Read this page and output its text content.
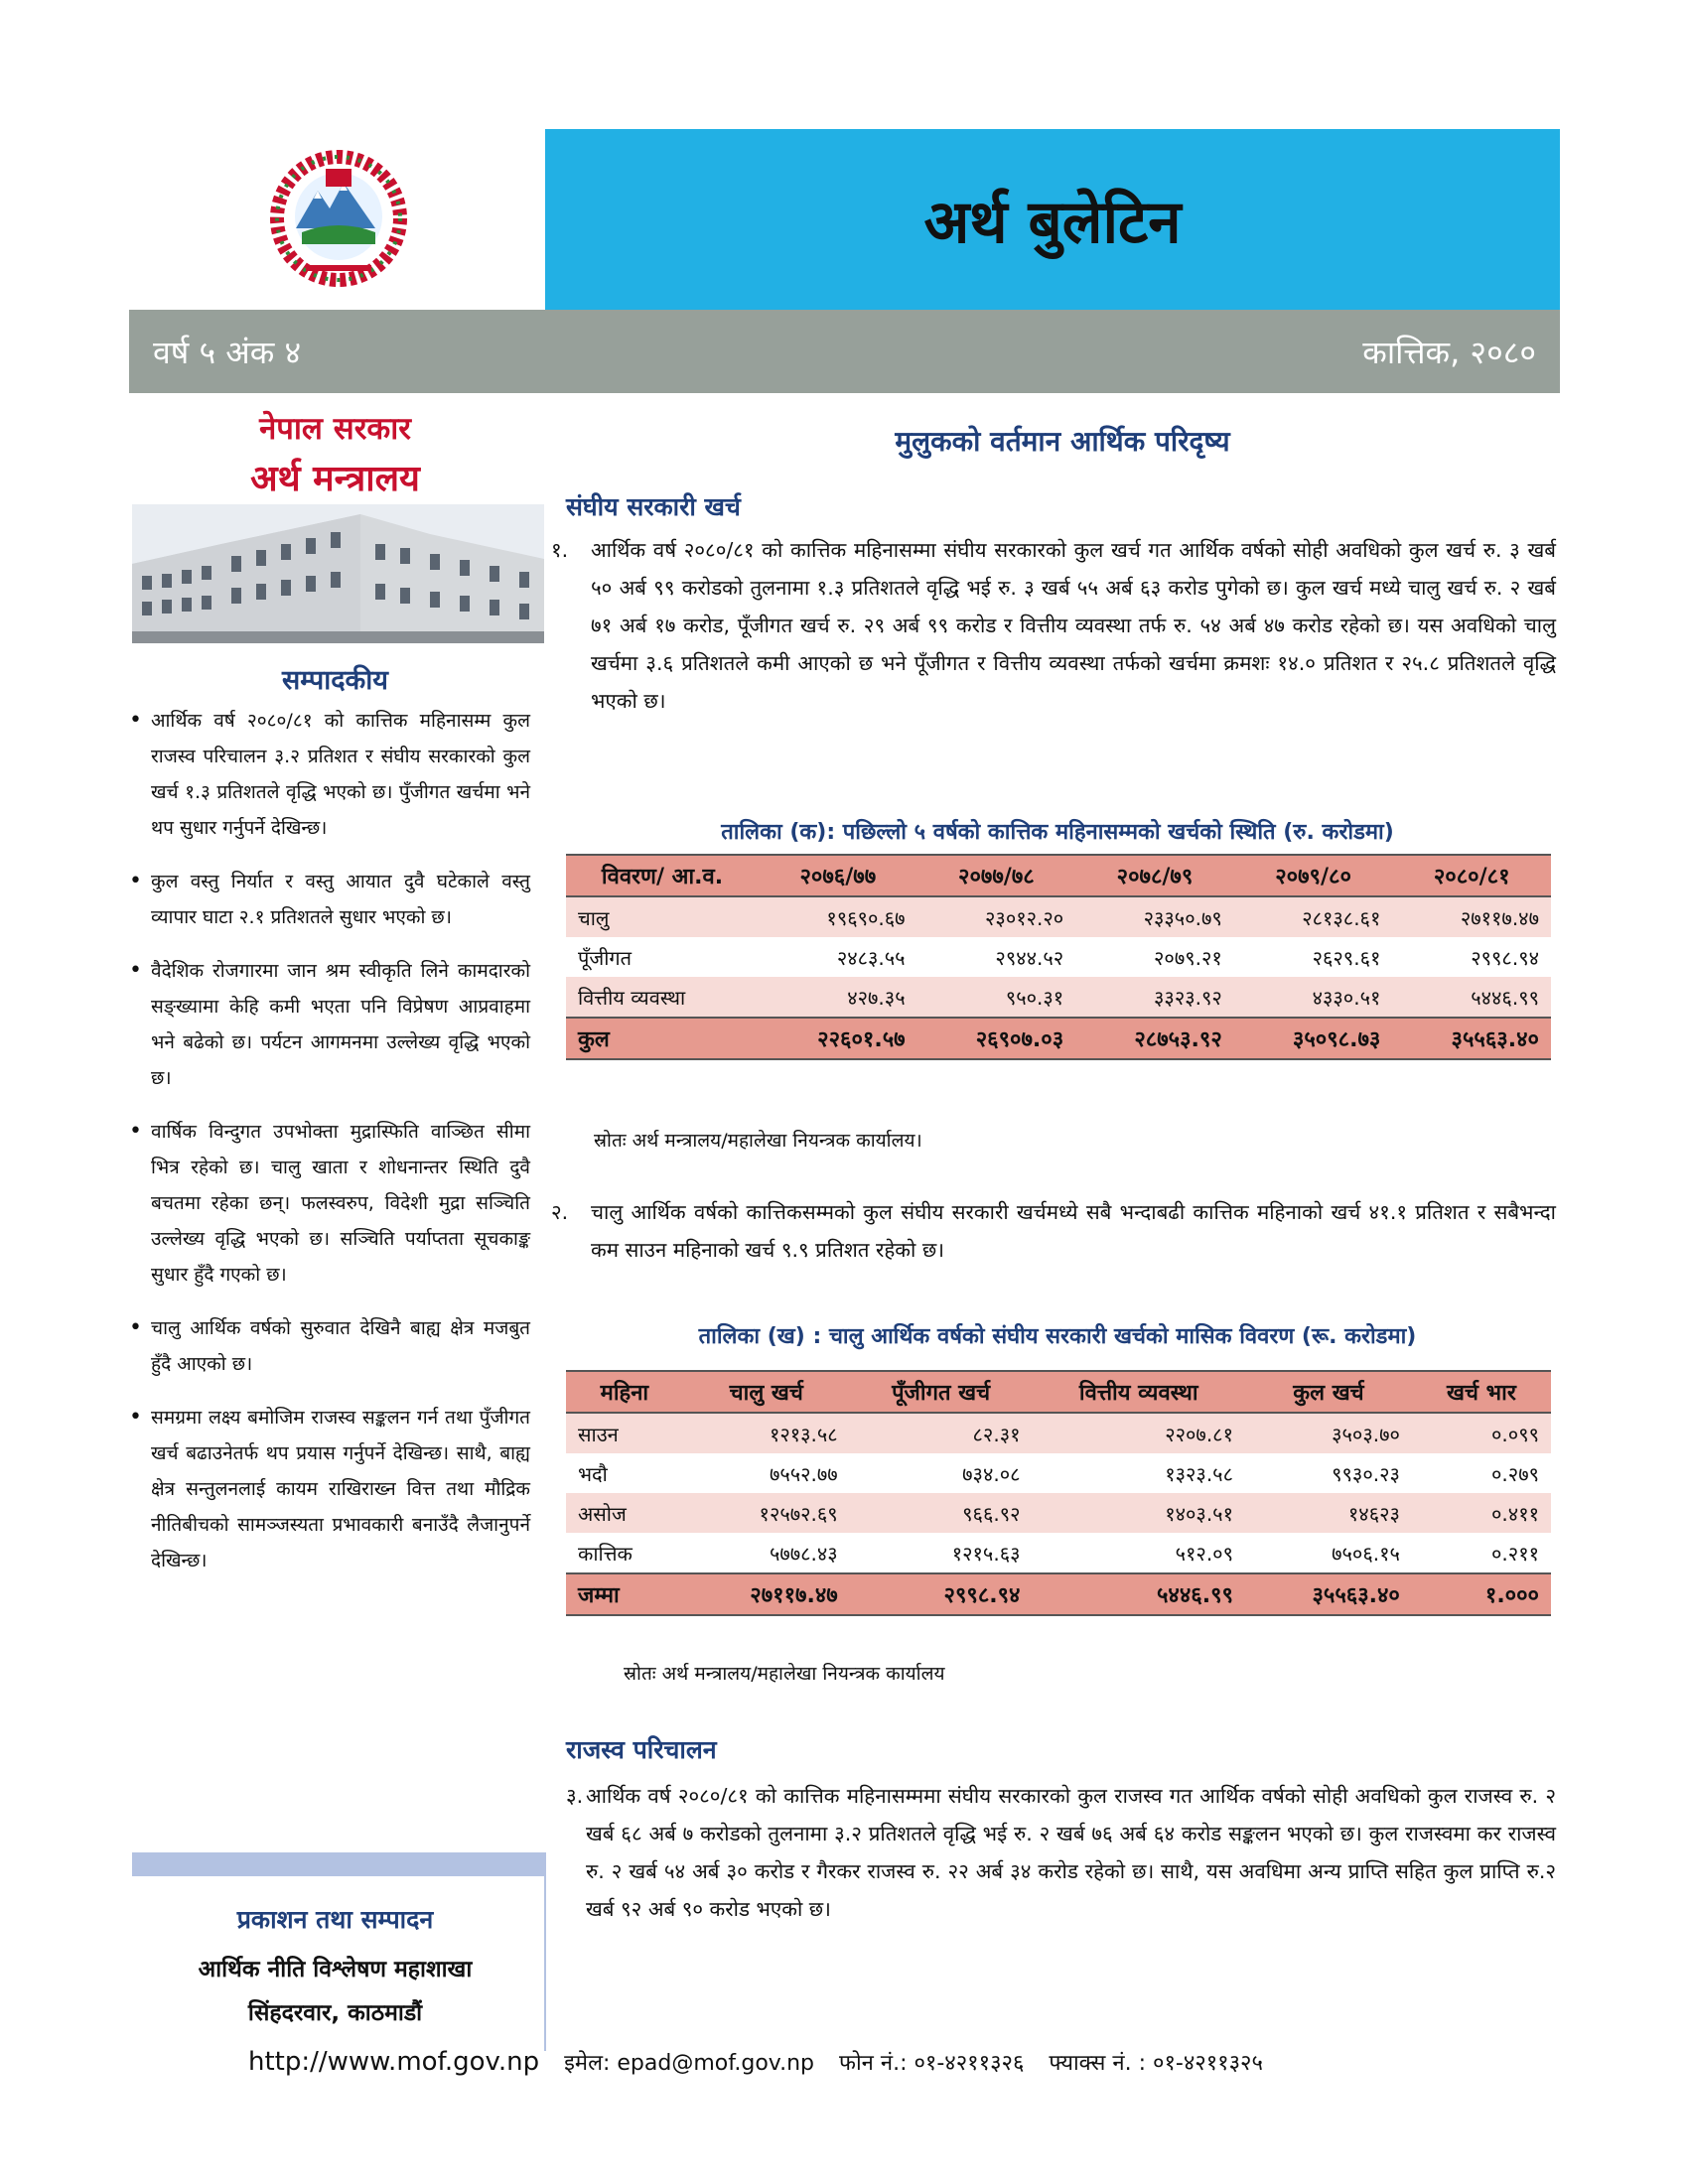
अर्थ बुलेटिन
वर्ष ५ अंक ४	कात्तिक, २०८०
नेपाल सरकार
अर्थ मन्त्रालय
सम्पादकीय
• आर्थिक वर्ष २०८०/८१ को कात्तिक महिनासम्म कुल राजस्व परिचालन ३.२ प्रतिशत र संघीय सरकारको कुल खर्च १.३ प्रतिशतले वृद्धि भएको छ। पुँजीगत खर्चमा भने थप सुधार गर्नुपर्ने देखिन्छ।
• कुल वस्तु निर्यात र वस्तु आयात दुवै घटेकाले वस्तु व्यापार घाटा २.१ प्रतिशतले सुधार भएको छ।
• वैदेशिक रोजगारमा जान श्रम स्वीकृति लिने कामदारको सङ्ख्यामा केहि कमी भएता पनि विप्रेषण आप्रवाहमा भने बढेको छ। पर्यटन आगमनमा उल्लेख्य वृद्धि भएको छ।
• वार्षिक विन्दुगत उपभोक्ता मुद्रास्फिति वाञ्छित सीमा भित्र रहेको छ। चालु खाता र शोधनान्तर स्थिति दुवै बचतमा रहेका छन्। फलस्वरुप, विदेशी मुद्रा सञ्चिति उल्लेख्य वृद्धि भएको छ। सञ्चिति पर्याप्तता सूचकाङ्क सुधार हुँदै गएको छ।
• चालु आर्थिक वर्षको सुरुवात देखिनै बाह्य क्षेत्र मजबुत हुँदै आएको छ।
• समग्रमा लक्ष्य बमोजिम राजस्व सङ्कलन गर्न तथा पुँजीगत खर्च बढाउनेतर्फ थप प्रयास गर्नुपर्ने देखिन्छ। साथै, बाह्य क्षेत्र सन्तुलनलाई कायम राखिराख्न वित्त तथा मौद्रिक नीतिबीचको सामञ्जस्यता प्रभावकारी बनाउँदै लैजानुपर्ने देखिन्छ।
प्रकाशन तथा सम्पादन
आर्थिक नीति विश्लेषण महाशाखा
सिंहदरवार, काठमाडौं
http://www.mof.gov.np इमेल: epad@mof.gov.np फोन नं.: ०१-४२११३२६ फ्याक्स नं. : ०१-४२११३२५
मुलुकको वर्तमान आर्थिक परिदृष्य
संघीय सरकारी खर्च
१. आर्थिक वर्ष २०८०/८१ को कात्तिक महिनासम्मा संघीय सरकारको कुल खर्च गत आर्थिक वर्षको सोही अवधिको कुल खर्च रु. ३ खर्ब ५० अर्ब ९९ करोडको तुलनामा १.३ प्रतिशतले वृद्धि भई रु. ३ खर्ब ५५ अर्ब ६३ करोड पुगेको छ। कुल खर्च मध्ये चालु खर्च रु. २ खर्ब ७१ अर्ब १७ करोड, पूँजीगत खर्च रु. २९ अर्ब ९९ करोड र वित्तीय व्यवस्था तर्फ रु. ५४ अर्ब ४७ करोड रहेको छ। यस अवधिको चालु खर्चमा ३.६ प्रतिशतले कमी आएको छ भने पूँजीगत र वित्तीय व्यवस्था तर्फको खर्चमा क्रमशः १४.० प्रतिशत र २५.८ प्रतिशतले वृद्धि भएको छ।
तालिका (क): पछिल्लो ५ वर्षको कात्तिक महिनासम्मको खर्चको स्थिति (रु. करोडमा)
विवरण/ आ.व.	२०७६/७७	२०७७/७८	२०७८/७९	२०७९/८०	२०८०/८१
चालु	१९६९०.६७	२३०१२.२०	२३३५०.७९	२८१३८.६१	२७११७.४७
पूँजीगत	२४८३.५५	२९४४.५२	२०७९.२१	२६२९.६१	२९९८.९४
वित्तीय व्यवस्था	४२७.३५	९५०.३१	३३२३.९२	४३३०.५१	५४४६.९९
कुल	२२६०१.५७	२६९०७.०३	२८७५३.९२	३५०९८.७३	३५५६३.४०
स्रोतः अर्थ मन्त्रालय/महालेखा नियन्त्रक कार्यालय।
२. चालु आर्थिक वर्षको कात्तिकसम्मको कुल संघीय सरकारी खर्चमध्ये सबै भन्दाबढी कात्तिक महिनाको खर्च ४१.१ प्रतिशत र सबैभन्दा कम साउन महिनाको खर्च ९.९ प्रतिशत रहेको छ।
तालिका (ख) : चालु आर्थिक वर्षको संघीय सरकारी खर्चको मासिक विवरण (रू. करोडमा)
महिना	चालु खर्च	पूँजीगत खर्च	वित्तीय व्यवस्था	कुल खर्च	खर्च भार
साउन	१२१३.५८	८२.३१	२२०७.८१	३५०३.७०	०.०९९
भदौ	७५५२.७७	७३४.०८	१३२३.५८	९९३०.२३	०.२७९
असोज	१२५७२.६९	९६६.९२	१४०३.५१	१४६२३	०.४११
कात्तिक	५७७८.४३	१२१५.६३	५१२.०९	७५०६.१५	०.२११
जम्मा	२७११७.४७	२९९८.९४	५४४६.९९	३५५६३.४०	१.०००
स्रोतः अर्थ मन्त्रालय/महालेखा नियन्त्रक कार्यालय
राजस्व परिचालन
३. आर्थिक वर्ष २०८०/८१ को कात्तिक महिनासम्ममा संघीय सरकारको कुल राजस्व गत आर्थिक वर्षको सोही अवधिको कुल राजस्व रु. २ खर्ब ६८ अर्ब ७ करोडको तुलनामा ३.२ प्रतिशतले वृद्धि भई रु. २ खर्ब ७६ अर्ब ६४ करोड सङ्कलन भएको छ। कुल राजस्वमा कर राजस्व रु. २ खर्ब ५४ अर्ब ३० करोड र गैरकर राजस्व रु. २२ अर्ब ३४ करोड रहेको छ। साथै, यस अवधिमा अन्य प्राप्ति सहित कुल प्राप्ति रु.२ खर्ब ९२ अर्ब ९० करोड भएको छ।
